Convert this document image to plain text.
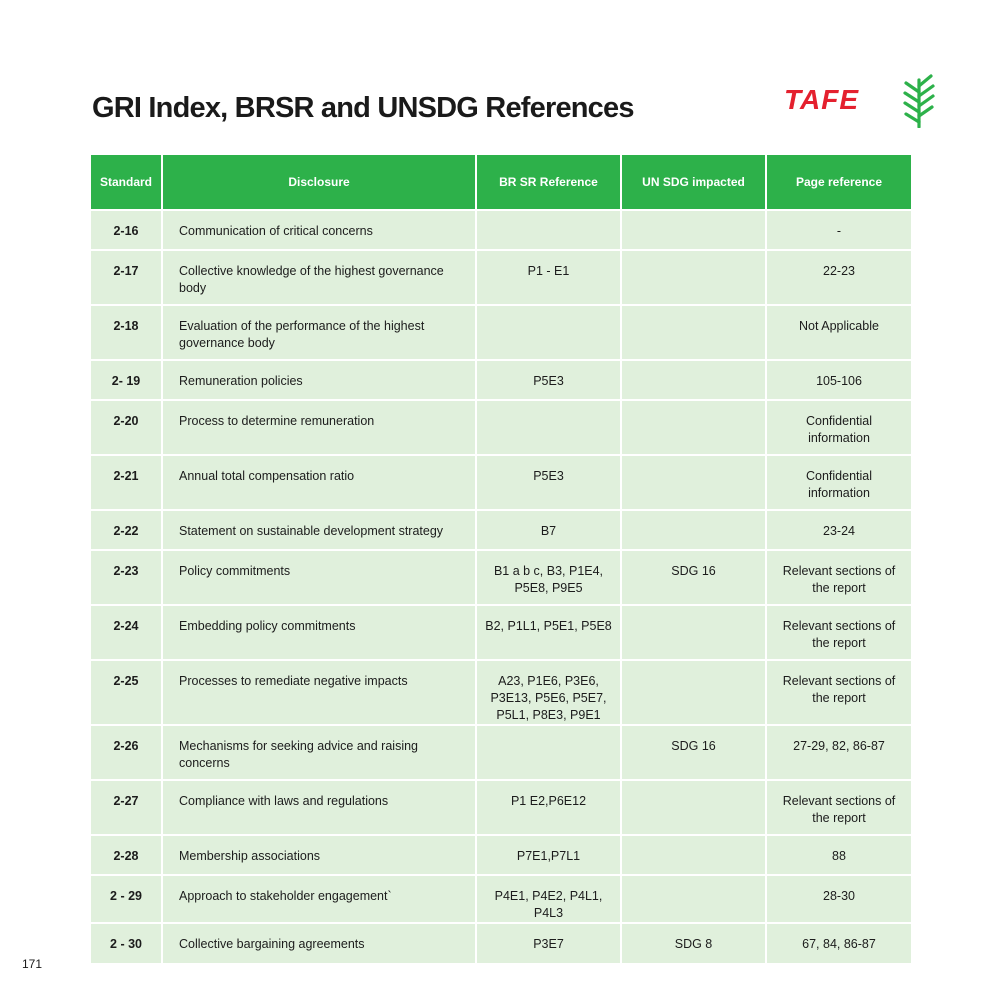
GRI Index, BRSR and UNSDG References	TAFE
Standard	Disclosure	BR SR Reference	UN SDG impacted	Page reference
2-16	Communication of critical concerns			-
2-17	Collective knowledge of the highest governance body	P1 - E1		22-23
2-18	Evaluation of the performance of the highest governance body			Not Applicable
2- 19	Remuneration policies	P5E3		105-106
2-20	Process to determine remuneration			Confidential information
2-21	Annual total compensation ratio	P5E3		Confidential information
2-22	Statement on sustainable development strategy	B7		23-24
2-23	Policy commitments	B1 a b c, B3, P1E4, P5E8, P9E5	SDG 16	Relevant sections of the report
2-24	Embedding policy commitments	B2, P1L1, P5E1, P5E8		Relevant sections of the report
2-25	Processes to remediate negative impacts	A23, P1E6, P3E6, P3E13, P5E6, P5E7, P5L1, P8E3, P9E1		Relevant sections of the report
2-26	Mechanisms for seeking advice and raising concerns		SDG 16	27-29, 82, 86-87
2-27	Compliance with laws and regulations	P1 E2,P6E12		Relevant sections of the report
2-28	Membership associations	P7E1,P7L1		88
2 - 29	Approach to stakeholder engagement`	P4E1, P4E2, P4L1, P4L3		28-30
2 - 30	Collective bargaining agreements	P3E7	SDG 8	67, 84, 86-87
171
